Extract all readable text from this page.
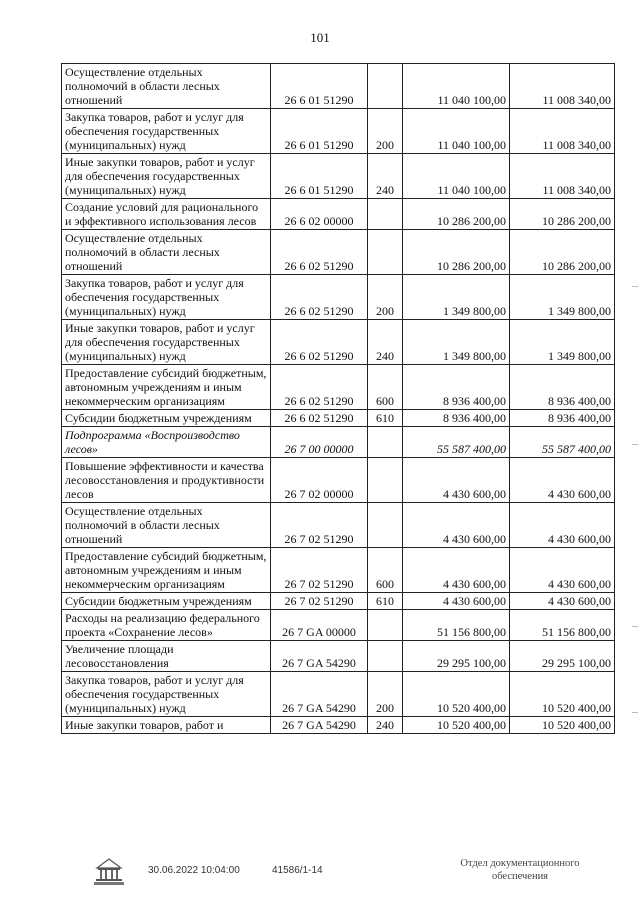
101
Осуществление отдельных полномочий в области лесных отношений	26 6 01 51290		11 040 100,00	11 008 340,00
Закупка товаров, работ и услуг для обеспечения государственных (муниципальных) нужд	26 6 01 51290	200	11 040 100,00	11 008 340,00
Иные закупки товаров, работ и услуг для обеспечения государственных (муниципальных) нужд	26 6 01 51290	240	11 040 100,00	11 008 340,00
Создание условий для рационального и эффективного использования лесов	26 6 02 00000		10 286 200,00	10 286 200,00
Осуществление отдельных полномочий в области лесных отношений	26 6 02 51290		10 286 200,00	10 286 200,00
Закупка товаров, работ и услуг для обеспечения государственных (муниципальных) нужд	26 6 02 51290	200	1 349 800,00	1 349 800,00
Иные закупки товаров, работ и услуг для обеспечения государственных (муниципальных) нужд	26 6 02 51290	240	1 349 800,00	1 349 800,00
Предоставление субсидий бюджетным, автономным учреждениям и иным некоммерческим организациям	26 6 02 51290	600	8 936 400,00	8 936 400,00
Субсидии бюджетным учреждениям	26 6 02 51290	610	8 936 400,00	8 936 400,00
Подпрограмма «Воспроизводство лесов»	26 7 00 00000		55 587 400,00	55 587 400,00
Повышение эффективности и качества лесовосстановления и продуктивности лесов	26 7 02 00000		4 430 600,00	4 430 600,00
Осуществление отдельных полномочий в области лесных отношений	26 7 02 51290		4 430 600,00	4 430 600,00
Предоставление субсидий бюджетным, автономным учреждениям и иным некоммерческим организациям	26 7 02 51290	600	4 430 600,00	4 430 600,00
Субсидии бюджетным учреждениям	26 7 02 51290	610	4 430 600,00	4 430 600,00
Расходы на реализацию федерального проекта «Сохранение лесов»	26 7 GA 00000		51 156 800,00	51 156 800,00
Увеличение площади лесовосстановления	26 7 GA 54290		29 295 100,00	29 295 100,00
Закупка товаров, работ и услуг для обеспечения государственных (муниципальных) нужд	26 7 GA 54290	200	10 520 400,00	10 520 400,00
Иные закупки товаров, работ и	26 7 GA 54290	240	10 520 400,00	10 520 400,00
30.06.2022 10:04:00	41586/1-14
Отдел документационного
обеспечения
